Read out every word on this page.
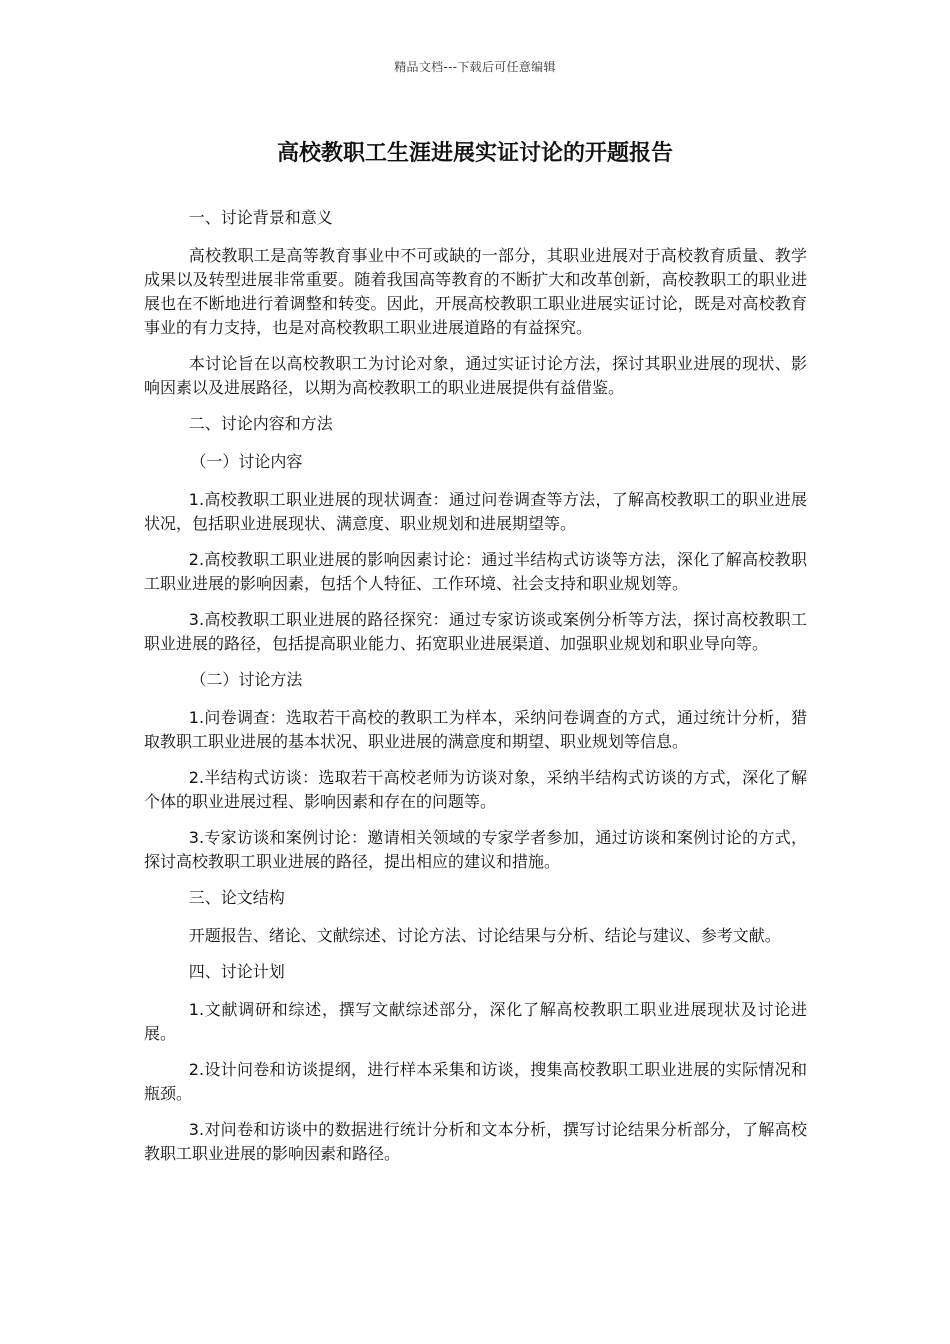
精品文档---下载后可任意编辑
高校教职工生涯进展实证讨论的开题报告

一、讨论背景和意义

高校教职工是高等教育事业中不可或缺的一部分，其职业进展对于高校教育质量、教学成果以及转型进展非常重要。随着我国高等教育的不断扩大和改革创新，高校教职工的职业进展也在不断地进行着调整和转变。因此，开展高校教职工职业进展实证讨论，既是对高校教育事业的有力支持，也是对高校教职工职业进展道路的有益探究。

本讨论旨在以高校教职工为讨论对象，通过实证讨论方法，探讨其职业进展的现状、影响因素以及进展路径，以期为高校教职工的职业进展提供有益借鉴。

二、讨论内容和方法

（一）讨论内容

1.高校教职工职业进展的现状调查：通过问卷调查等方法，了解高校教职工的职业进展状况，包括职业进展现状、满意度、职业规划和进展期望等。

2.高校教职工职业进展的影响因素讨论：通过半结构式访谈等方法，深化了解高校教职工职业进展的影响因素，包括个人特征、工作环境、社会支持和职业规划等。

3.高校教职工职业进展的路径探究：通过专家访谈或案例分析等方法，探讨高校教职工职业进展的路径，包括提高职业能力、拓宽职业进展渠道、加强职业规划和职业导向等。

（二）讨论方法

1.问卷调查：选取若干高校的教职工为样本，采纳问卷调查的方式，通过统计分析，猎取教职工职业进展的基本状况、职业进展的满意度和期望、职业规划等信息。

2.半结构式访谈：选取若干高校老师为访谈对象，采纳半结构式访谈的方式，深化了解个体的职业进展过程、影响因素和存在的问题等。

3.专家访谈和案例讨论：邀请相关领域的专家学者参加，通过访谈和案例讨论的方式，探讨高校教职工职业进展的路径，提出相应的建议和措施。

三、论文结构

开题报告、绪论、文献综述、讨论方法、讨论结果与分析、结论与建议、参考文献。

四、讨论计划

1.文献调研和综述，撰写文献综述部分，深化了解高校教职工职业进展现状及讨论进展。

2.设计问卷和访谈提纲，进行样本采集和访谈，搜集高校教职工职业进展的实际情况和瓶颈。

3.对问卷和访谈中的数据进行统计分析和文本分析，撰写讨论结果分析部分，了解高校教职工职业进展的影响因素和路径。
